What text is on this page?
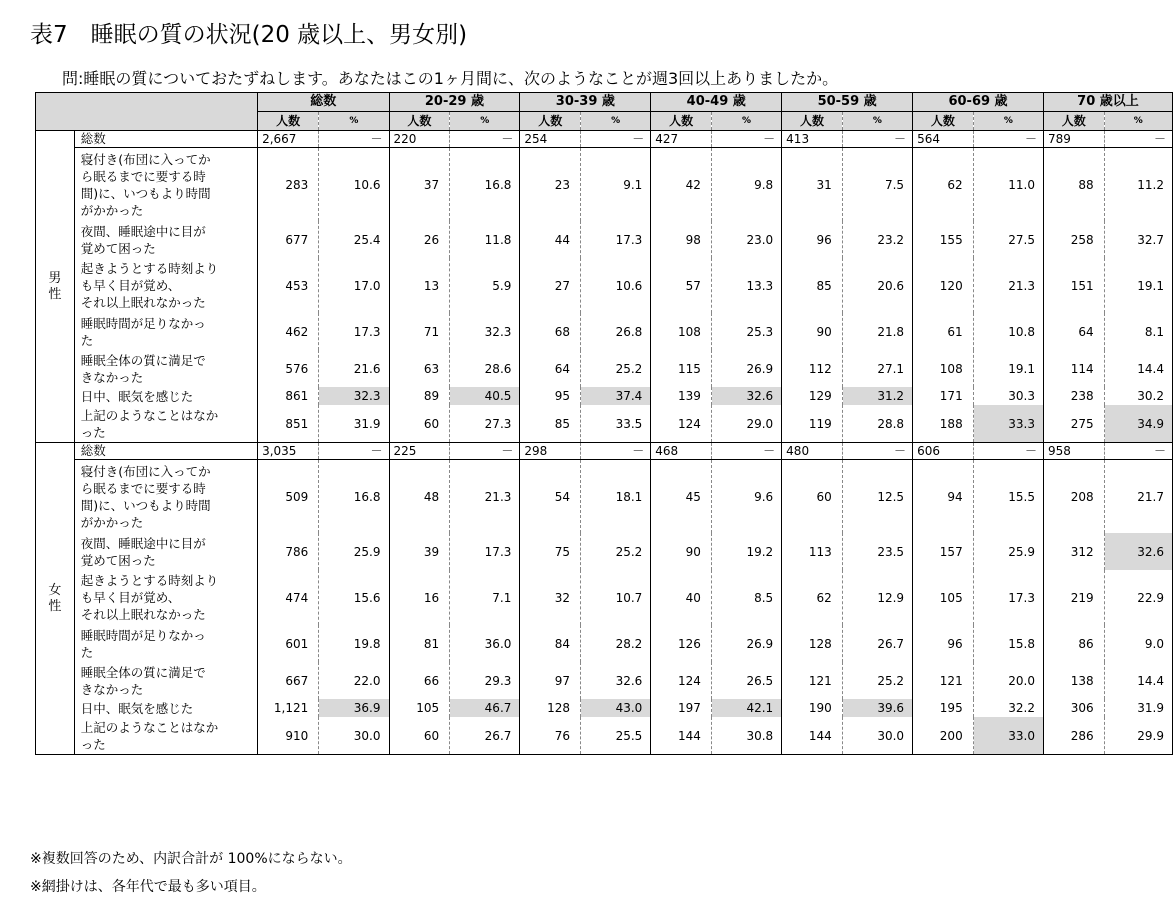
表7　睡眠の質の状況(20 歳以上、男女別)
問:睡眠の質についておたずねします。あなたはこの1ヶ月間に、次のようなことが週3回以上ありましたか。
		総数		20-29 歳		30-39 歳		40-49 歳		50-59 歳		60-69 歳		70 歳以上	
		人数	%	人数	%	人数	%	人数	%	人数	%	人数	%	人数	%
男
性	総数	2,667	－	220	－	254	－	427	－	413	－	564	－	789	－
	寝付き(布団に入ってか
ら眠るまでに要する時
間)に、いつもより時間
がかかった	283	10.6	37	16.8	23	9.1	42	9.8	31	7.5	62	11.0	88	11.2
	夜間、睡眠途中に目が
覚めて困った	677	25.4	26	11.8	44	17.3	98	23.0	96	23.2	155	27.5	258	32.7
	起きようとする時刻より
も早く目が覚め、
それ以上眠れなかった	453	17.0	13	5.9	27	10.6	57	13.3	85	20.6	120	21.3	151	19.1
	睡眠時間が足りなかっ
た	462	17.3	71	32.3	68	26.8	108	25.3	90	21.8	61	10.8	64	8.1
	睡眠全体の質に満足で
きなかった	576	21.6	63	28.6	64	25.2	115	26.9	112	27.1	108	19.1	114	14.4
	日中、眠気を感じた	861	32.3	89	40.5	95	37.4	139	32.6	129	31.2	171	30.3	238	30.2
	上記のようなことはなか
った	851	31.9	60	27.3	85	33.5	124	29.0	119	28.8	188	33.3	275	34.9
女
性	総数	3,035	－	225	－	298	－	468	－	480	－	606	－	958	－
	寝付き(布団に入ってか
ら眠るまでに要する時
間)に、いつもより時間
がかかった	509	16.8	48	21.3	54	18.1	45	9.6	60	12.5	94	15.5	208	21.7
	夜間、睡眠途中に目が
覚めて困った	786	25.9	39	17.3	75	25.2	90	19.2	113	23.5	157	25.9	312	32.6
	起きようとする時刻より
も早く目が覚め、
それ以上眠れなかった	474	15.6	16	7.1	32	10.7	40	8.5	62	12.9	105	17.3	219	22.9
	睡眠時間が足りなかっ
た	601	19.8	81	36.0	84	28.2	126	26.9	128	26.7	96	15.8	86	9.0
	睡眠全体の質に満足で
きなかった	667	22.0	66	29.3	97	32.6	124	26.5	121	25.2	121	20.0	138	14.4
	日中、眠気を感じた	1,121	36.9	105	46.7	128	43.0	197	42.1	190	39.6	195	32.2	306	31.9
	上記のようなことはなか
った	910	30.0	60	26.7	76	25.5	144	30.8	144	30.0	200	33.0	286	29.9
※複数回答のため、内訳合計が 100%にならない。
※網掛けは、各年代で最も多い項目。
